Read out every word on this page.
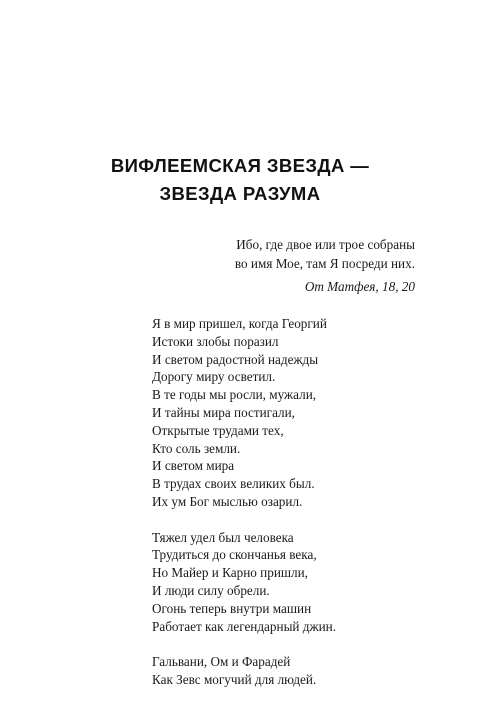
ВИФЛЕЕМСКАЯ ЗВЕЗДА —
ЗВЕЗДА РАЗУМА
Ибо, где двое или трое собраны
во имя Мое, там Я посреди них.
От Матфея, 18, 20
Я в мир пришел, когда Георгий
Истоки злобы поразил
И светом радостной надежды
Дорогу миру осветил.
В те годы мы росли, мужали,
И тайны мира постигали,
Открытые трудами тех,
Кто соль земли.
И светом мира
В трудах своих великих был.
Их ум Бог мыслью озарил.
Тяжел удел был человека
Трудиться до скончанья века,
Но Майер и Карно пришли,
И люди силу обрели.
Огонь теперь внутри машин
Работает как легендарный джин.
Гальвани, Ом и Фарадей
Как Зевс могучий для людей.
